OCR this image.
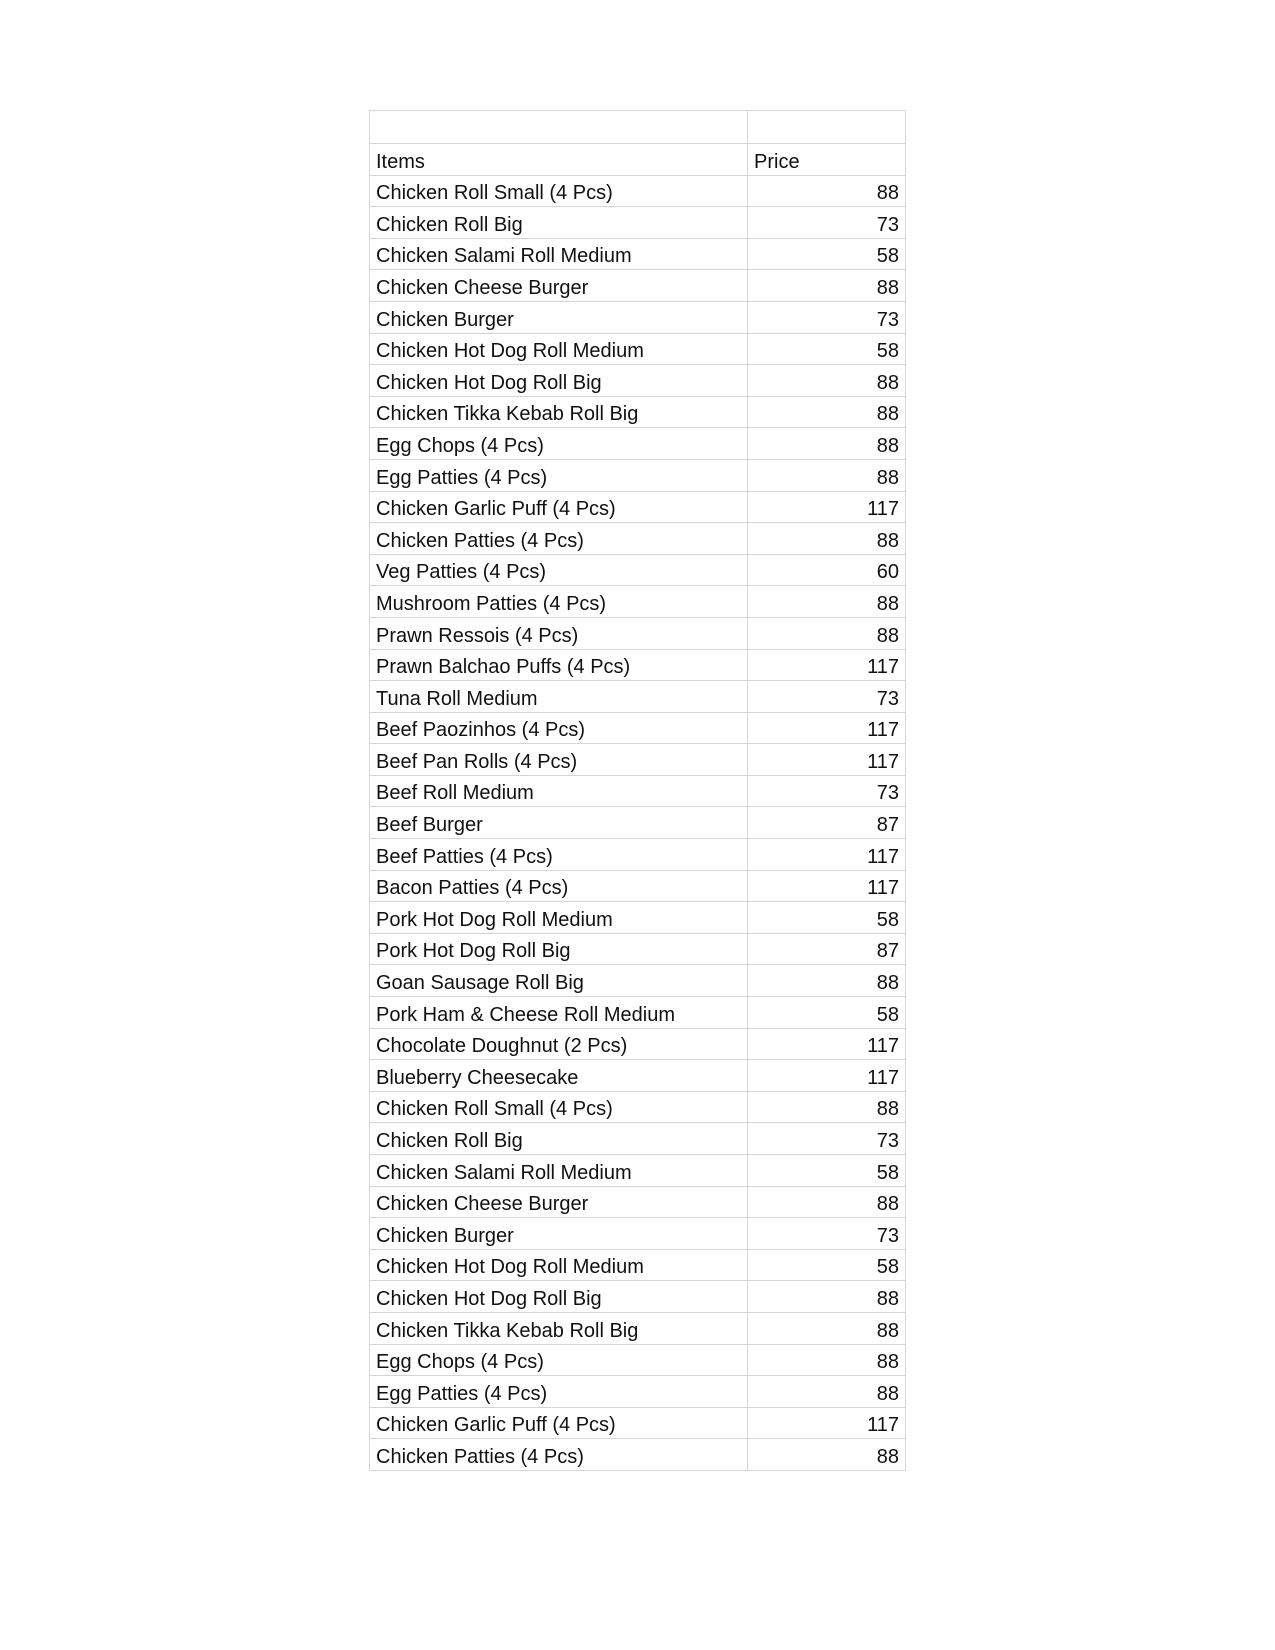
Items	Price
Chicken Roll Small (4 Pcs)	88
Chicken Roll Big	73
Chicken Salami Roll Medium	58
Chicken Cheese Burger	88
Chicken Burger	73
Chicken Hot Dog Roll Medium	58
Chicken Hot Dog Roll Big	88
Chicken Tikka Kebab Roll Big	88
Egg Chops (4 Pcs)	88
Egg Patties (4 Pcs)	88
Chicken Garlic Puff (4 Pcs)	117
Chicken Patties (4 Pcs)	88
Veg Patties (4 Pcs)	60
Mushroom Patties (4 Pcs)	88
Prawn Ressois (4 Pcs)	88
Prawn Balchao Puffs (4 Pcs)	117
Tuna Roll Medium	73
Beef Paozinhos (4 Pcs)	117
Beef Pan Rolls (4 Pcs)	117
Beef Roll Medium	73
Beef Burger	87
Beef Patties (4 Pcs)	117
Bacon Patties (4 Pcs)	117
Pork Hot Dog Roll Medium	58
Pork Hot Dog Roll Big	87
Goan Sausage Roll Big	88
Pork Ham & Cheese Roll Medium	58
Chocolate Doughnut (2 Pcs)	117
Blueberry Cheesecake	117
Chicken Roll Small (4 Pcs)	88
Chicken Roll Big	73
Chicken Salami Roll Medium	58
Chicken Cheese Burger	88
Chicken Burger	73
Chicken Hot Dog Roll Medium	58
Chicken Hot Dog Roll Big	88
Chicken Tikka Kebab Roll Big	88
Egg Chops (4 Pcs)	88
Egg Patties (4 Pcs)	88
Chicken Garlic Puff (4 Pcs)	117
Chicken Patties (4 Pcs)	88
